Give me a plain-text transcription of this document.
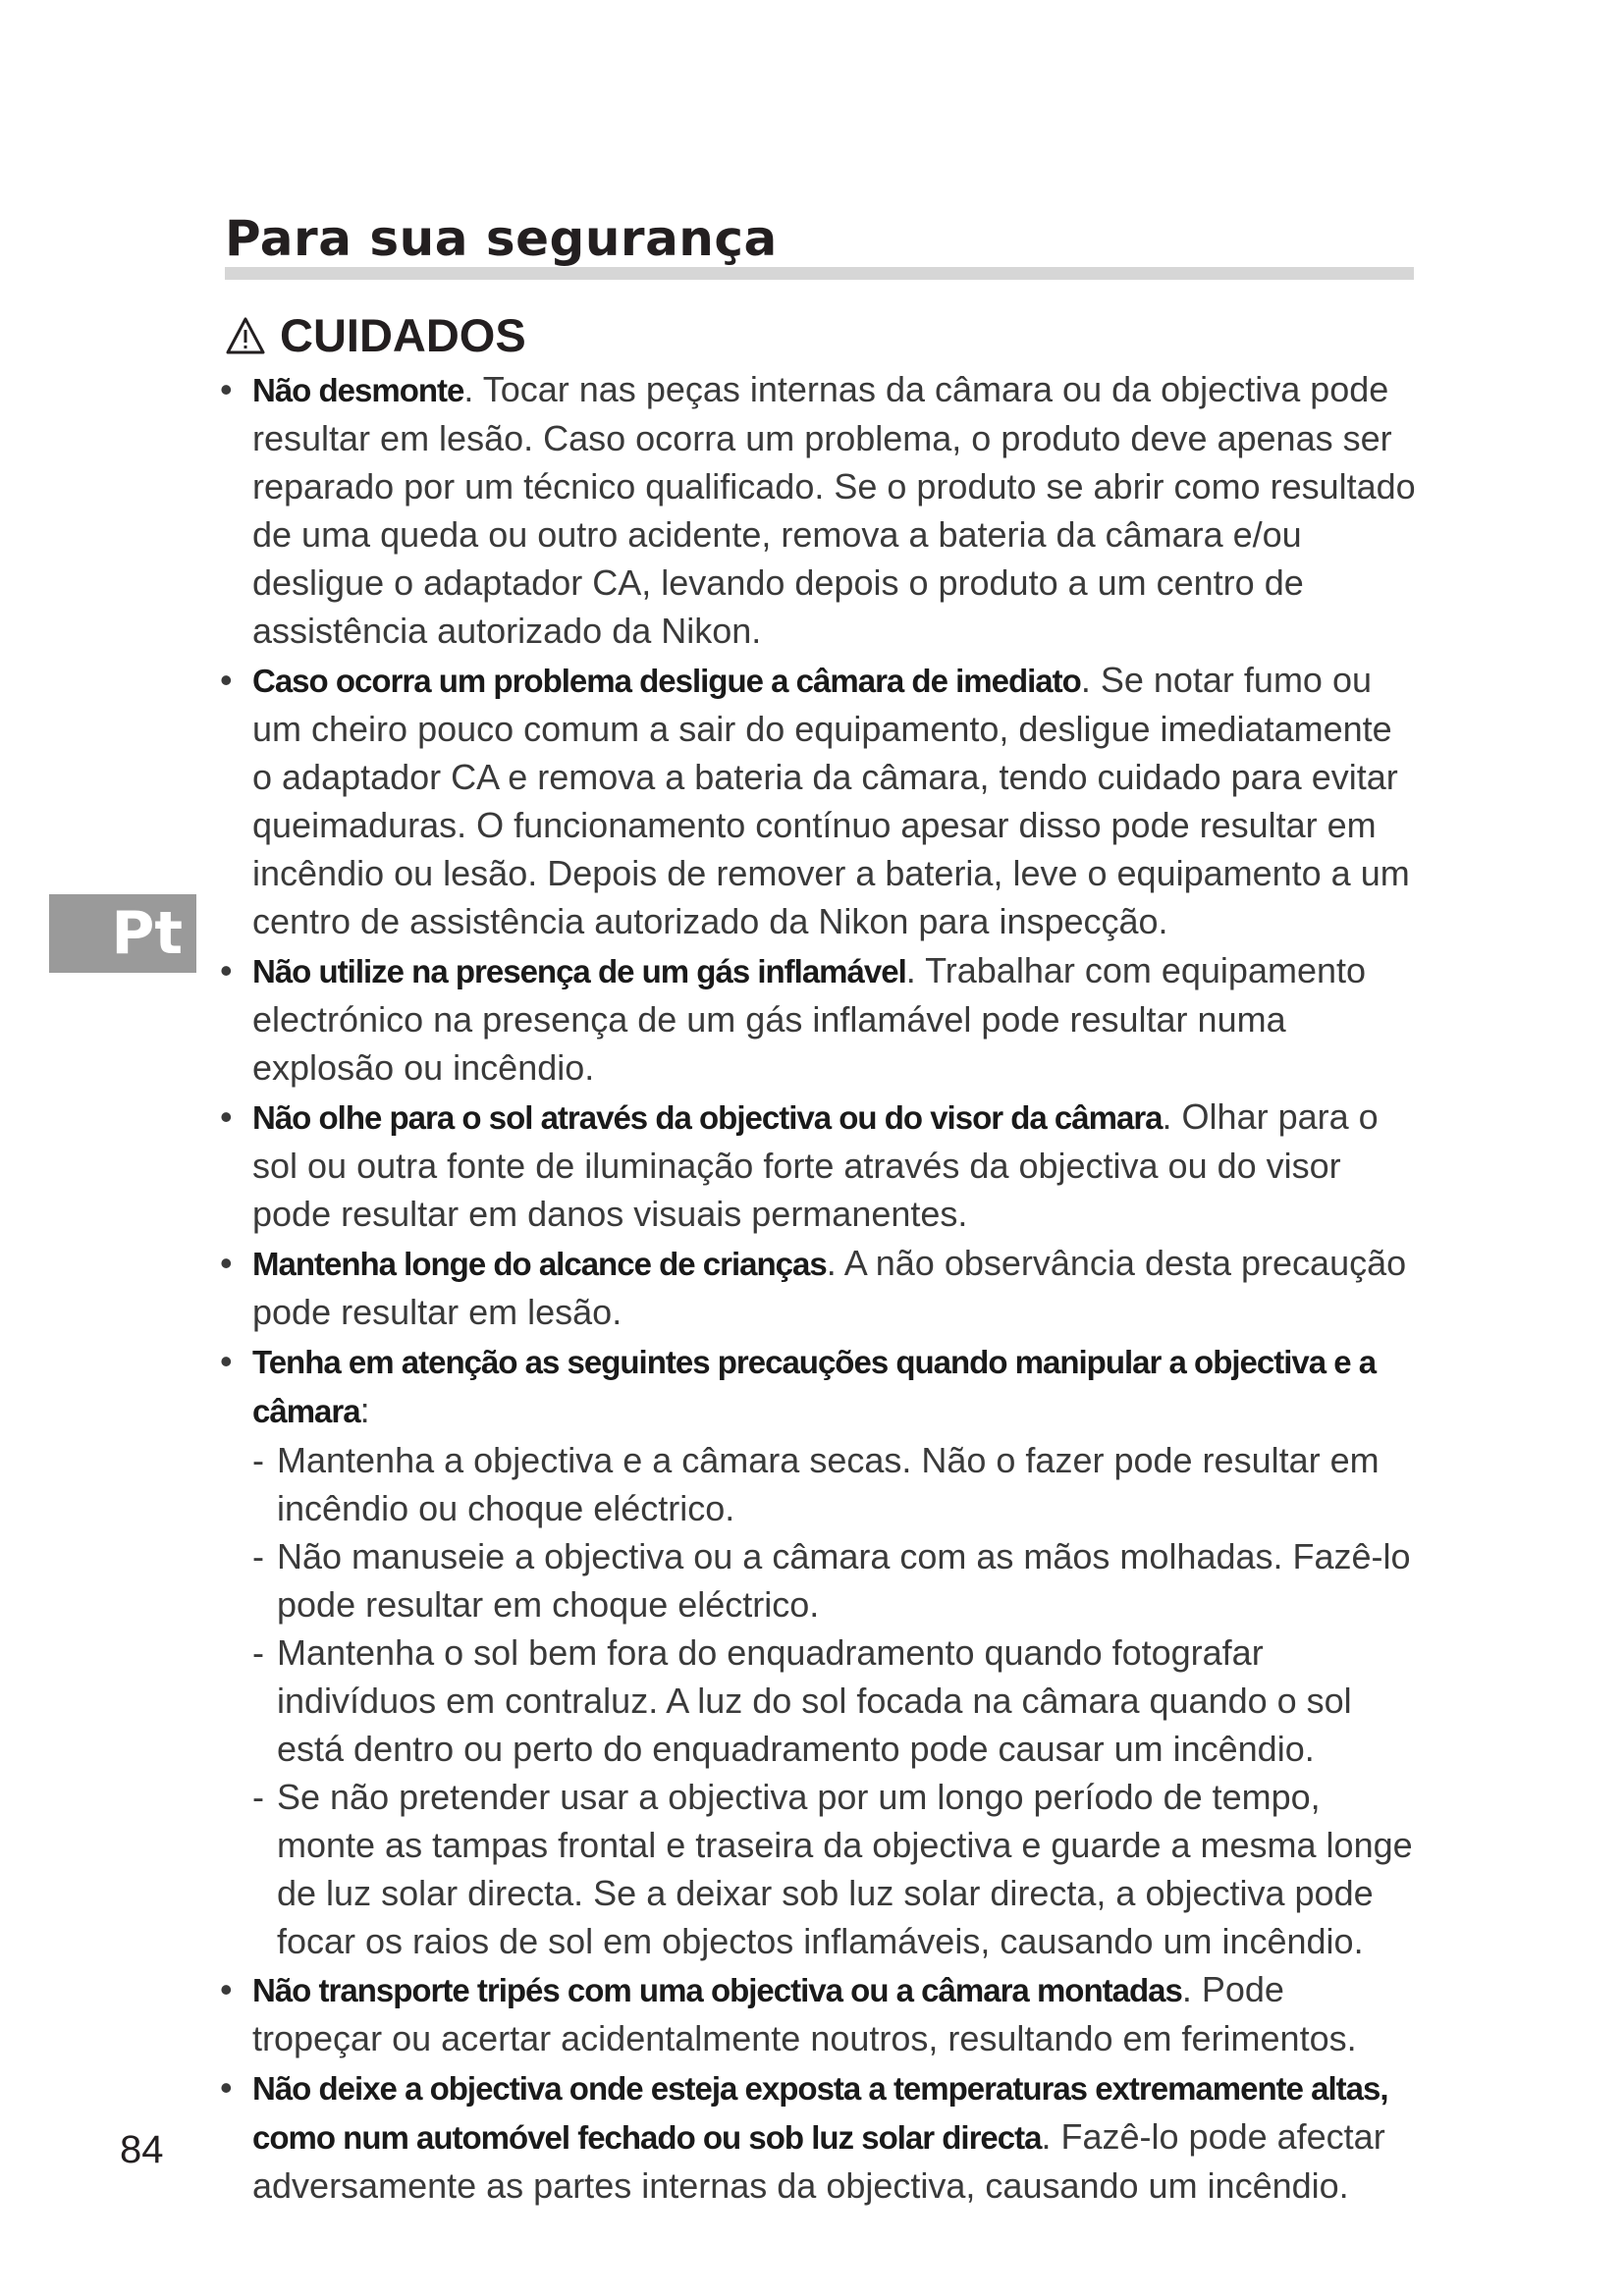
Para sua segurança
CUIDADOS
• Não desmonte. Tocar nas peças internas da câmara ou da objectiva pode resultar em lesão. Caso ocorra um problema, o produto deve apenas ser reparado por um técnico qualificado. Se o produto se abrir como resultado de uma queda ou outro acidente, remova a bateria da câmara e/ou desligue o adaptador CA, levando depois o produto a um centro de assistência autorizado da Nikon.
• Caso ocorra um problema desligue a câmara de imediato. Se notar fumo ou um cheiro pouco comum a sair do equipamento, desligue imediatamente o adaptador CA e remova a bateria da câmara, tendo cuidado para evitar queimaduras. O funcionamento contínuo apesar disso pode resultar em incêndio ou lesão. Depois de remover a bateria, leve o equipamento a um centro de assistência autorizado da Nikon para inspecção.
• Não utilize na presença de um gás inflamável. Trabalhar com equipamento electrónico na presença de um gás inflamável pode resultar numa explosão ou incêndio.
• Não olhe para o sol através da objectiva ou do visor da câmara. Olhar para o sol ou outra fonte de iluminação forte através da objectiva ou do visor pode resultar em danos visuais permanentes.
• Mantenha longe do alcance de crianças. A não observância desta precaução pode resultar em lesão.
• Tenha em atenção as seguintes precauções quando manipular a objectiva e a câmara:
- Mantenha a objectiva e a câmara secas. Não o fazer pode resultar em incêndio ou choque eléctrico.
- Não manuseie a objectiva ou a câmara com as mãos molhadas. Fazê-lo pode resultar em choque eléctrico.
- Mantenha o sol bem fora do enquadramento quando fotografar indivíduos em contraluz. A luz do sol focada na câmara quando o sol está dentro ou perto do enquadramento pode causar um incêndio.
- Se não pretender usar a objectiva por um longo período de tempo, monte as tampas frontal e traseira da objectiva e guarde a mesma longe de luz solar directa. Se a deixar sob luz solar directa, a objectiva pode focar os raios de sol em objectos inflamáveis, causando um incêndio.
• Não transporte tripés com uma objectiva ou a câmara montadas. Pode tropeçar ou acertar acidentalmente noutros, resultando em ferimentos.
• Não deixe a objectiva onde esteja exposta a temperaturas extremamente altas, como num automóvel fechado ou sob luz solar directa. Fazê-lo pode afectar adversamente as partes internas da objectiva, causando um incêndio.
Pt
84
